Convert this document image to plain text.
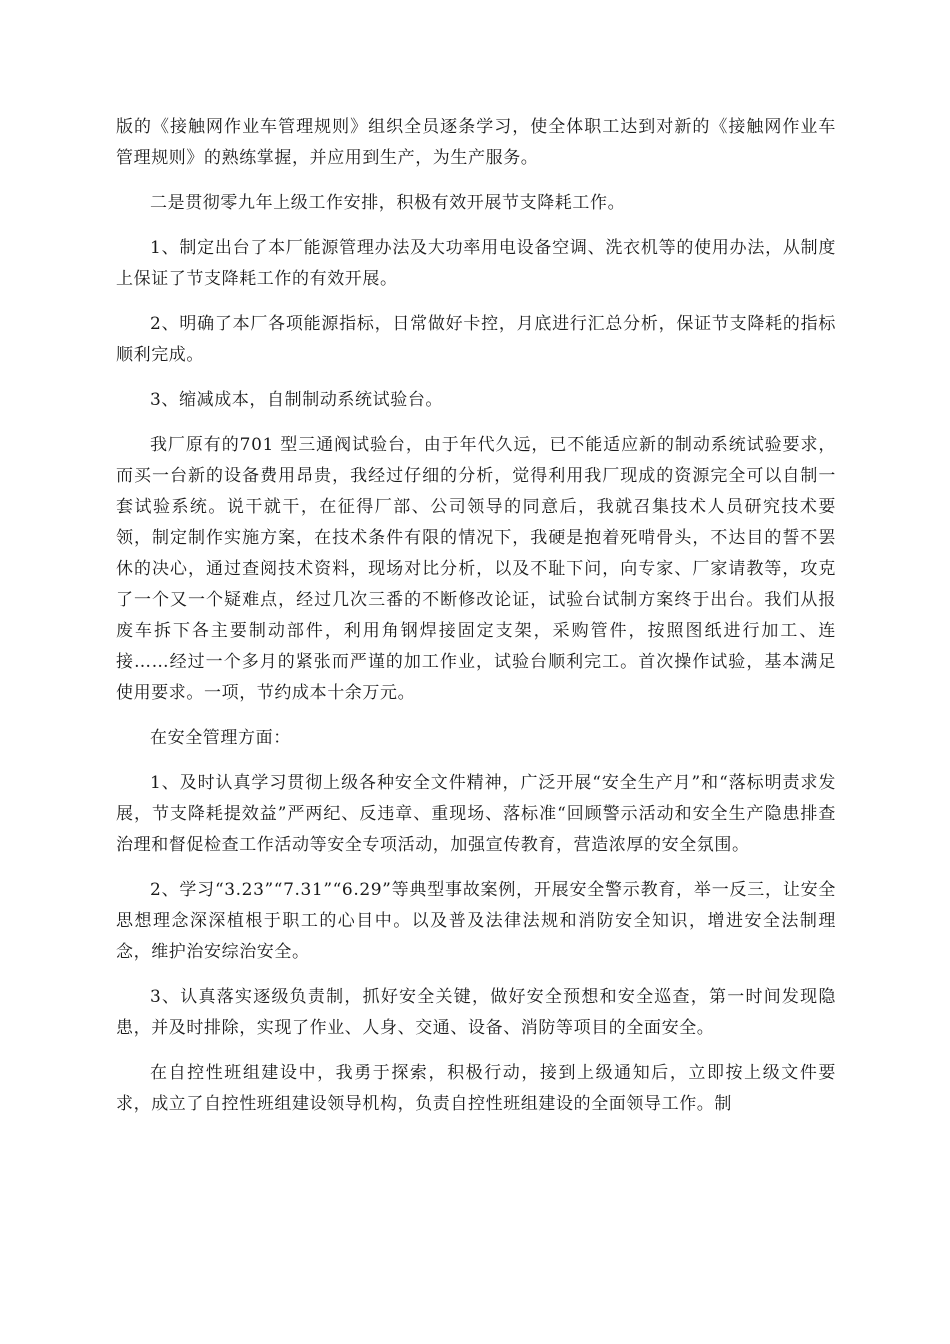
版的《接触网作业车管理规则》组织全员逐条学习，使全体职工达到对新的《接触网作业车管理规则》的熟练掌握，并应用到生产，为生产服务。

二是贯彻零九年上级工作安排，积极有效开展节支降耗工作。

1、制定出台了本厂能源管理办法及大功率用电设备空调、洗衣机等的使用办法，从制度上保证了节支降耗工作的有效开展。

2、明确了本厂各项能源指标，日常做好卡控，月底进行汇总分析，保证节支降耗的指标顺利完成。

3、缩减成本，自制制动系统试验台。

我厂原有的701 型三通阀试验台，由于年代久远，已不能适应新的制动系统试验要求，而买一台新的设备费用昂贵，我经过仔细的分析，觉得利用我厂现成的资源完全可以自制一套试验系统。说干就干，在征得厂部、公司领导的同意后，我就召集技术人员研究技术要领，制定制作实施方案，在技术条件有限的情况下，我硬是抱着死啃骨头，不达目的誓不罢休的决心，通过查阅技术资料，现场对比分析，以及不耻下问，向专家、厂家请教等，攻克了一个又一个疑难点，经过几次三番的不断修改论证，试验台试制方案终于出台。我们从报废车拆下各主要制动部件，利用角钢焊接固定支架，采购管件，按照图纸进行加工、连接……经过一个多月的紧张而严谨的加工作业，试验台顺利完工。首次操作试验，基本满足使用要求。一项，节约成本十余万元。

在安全管理方面：

1、及时认真学习贯彻上级各种安全文件精神，广泛开展“安全生产月”和“落标明责求发展，节支降耗提效益”严两纪、反违章、重现场、落标准“回顾警示活动和安全生产隐患排查治理和督促检查工作活动等安全专项活动，加强宣传教育，营造浓厚的安全氛围。

2、学习“3.23”“7.31”“6.29”等典型事故案例，开展安全警示教育，举一反三，让安全思想理念深深植根于职工的心目中。以及普及法律法规和消防安全知识，增进安全法制理念，维护治安综治安全。

3、认真落实逐级负责制，抓好安全关键，做好安全预想和安全巡查，第一时间发现隐患，并及时排除，实现了作业、人身、交通、设备、消防等项目的全面安全。

在自控性班组建设中，我勇于探索，积极行动，接到上级通知后，立即按上级文件要求，成立了自控性班组建设领导机构，负责自控性班组建设的全面领导工作。制
